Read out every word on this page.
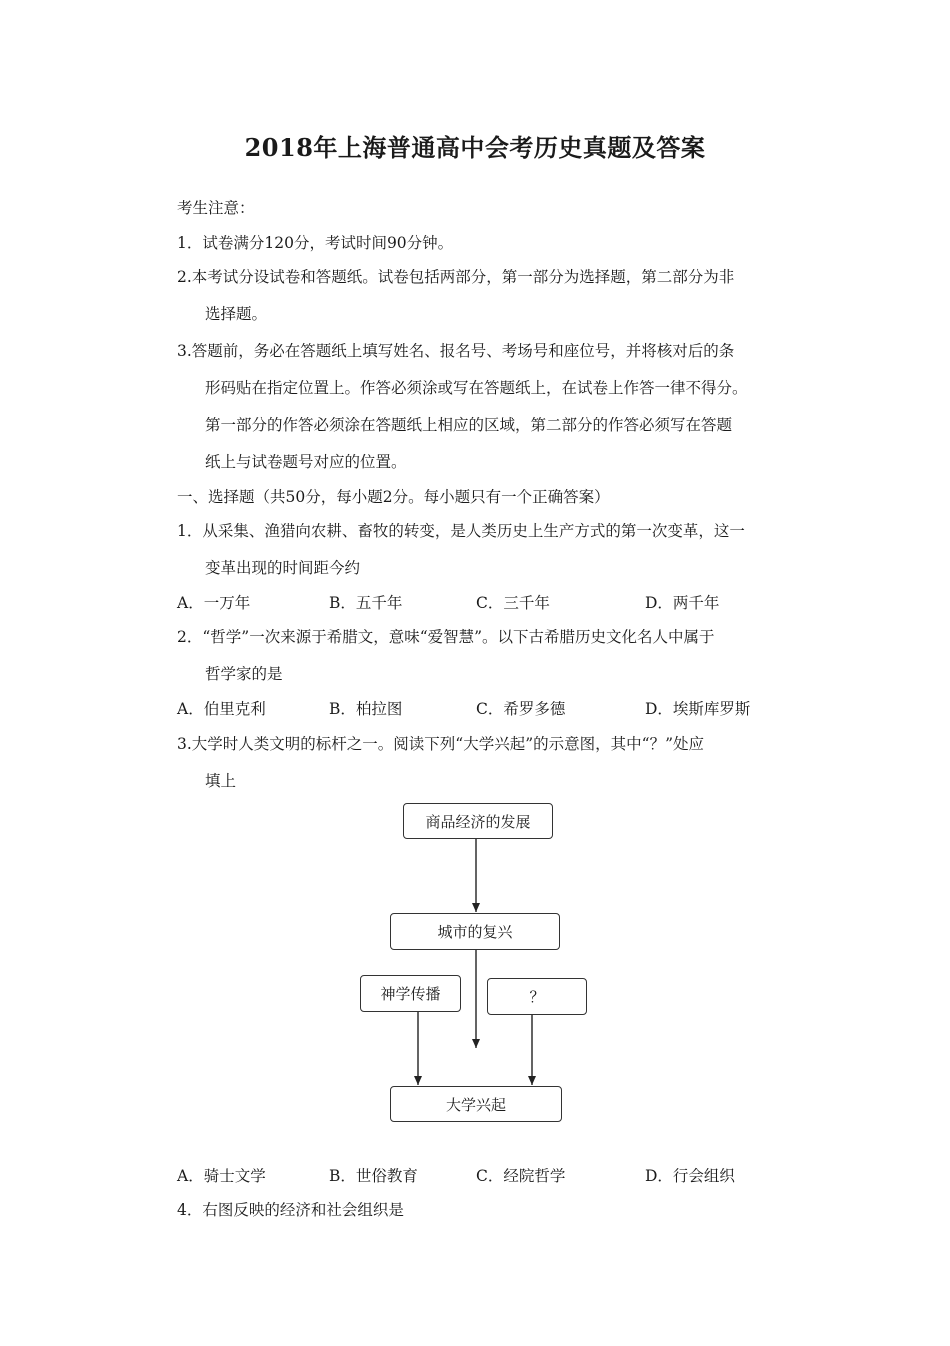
2018年上海普通高中会考历史真题及答案
考生注意：
1．试卷满分120分，考试时间90分钟。
2.本考试分设试卷和答题纸。试卷包括两部分，第一部分为选择题，第二部分为非
选择题。
3.答题前，务必在答题纸上填写姓名、报名号、考场号和座位号，并将核对后的条
形码贴在指定位置上。作答必须涂或写在答题纸上，在试卷上作答一律不得分。
第一部分的作答必须涂在答题纸上相应的区域，第二部分的作答必须写在答题
纸上与试卷题号对应的位置。
一、选择题（共50分，每小题2分。每小题只有一个正确答案）
1．从采集、渔猎向农耕、畜牧的转变，是人类历史上生产方式的第一次变革，这一
变革出现的时间距今约
A．一万年	B．五千年	C．三千年	D．两千年
2．“哲学”一次来源于希腊文，意味“爱智慧”。以下古希腊历史文化名人中属于
哲学家的是
A．伯里克利	B．柏拉图	C．希罗多德	D．埃斯库罗斯
3.大学时人类文明的标杆之一。阅读下列“大学兴起”的示意图，其中“？”处应
填上
商品经济的发展
城市的复兴
神学传播	？
大学兴起
A．骑士文学	B．世俗教育	C．经院哲学	D．行会组织
4．右图反映的经济和社会组织是
